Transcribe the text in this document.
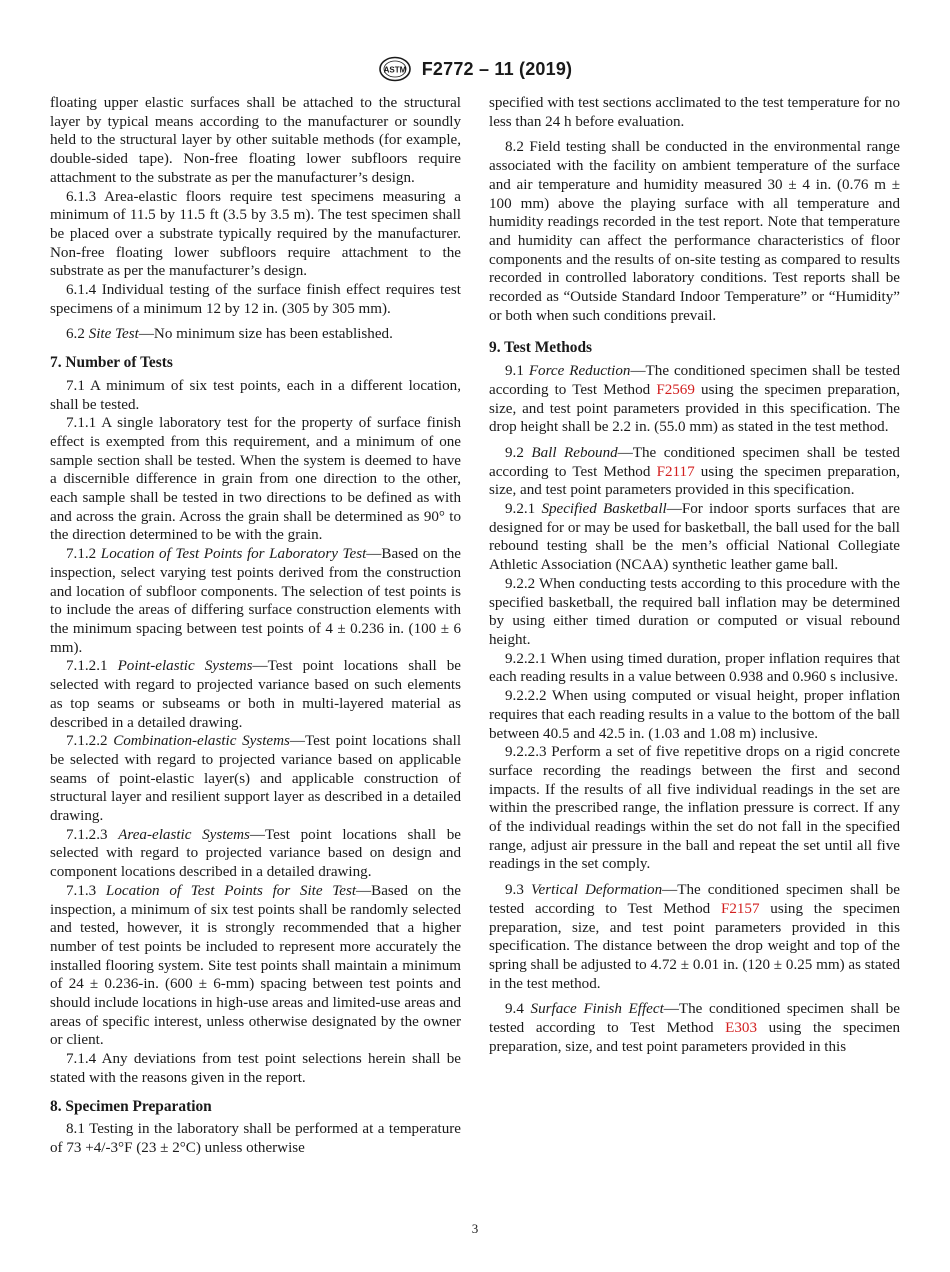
ASTM F2772 – 11 (2019)

floating upper elastic surfaces shall be attached to the structural layer by typical means according to the manufacturer or soundly held to the structural layer by other suitable methods (for example, double-sided tape). Non-free floating lower subfloors require attachment to the substrate as per the manufacturer’s design.

6.1.3 Area-elastic floors require test specimens measuring a minimum of 11.5 by 11.5 ft (3.5 by 3.5 m). The test specimen shall be placed over a substrate typically required by the manufacturer. Non-free floating lower subfloors require attachment to the substrate as per the manufacturer’s design.

6.1.4 Individual testing of the surface finish effect requires test specimens of a minimum 12 by 12 in. (305 by 305 mm).

6.2 Site Test—No minimum size has been established.

7. Number of Tests

7.1 A minimum of six test points, each in a different location, shall be tested.

7.1.1 A single laboratory test for the property of surface finish effect is exempted from this requirement, and a minimum of one sample section shall be tested. When the system is deemed to have a discernible difference in grain from one direction to the other, each sample shall be tested in two directions to be defined as with and across the grain. Across the grain shall be determined as 90° to the direction determined to be with the grain.

7.1.2 Location of Test Points for Laboratory Test—Based on the inspection, select varying test points derived from the construction and location of subfloor components. The selection of test points is to include the areas of differing surface construction elements with the minimum spacing between test points of 4 ± 0.236 in. (100 ± 6 mm).

7.1.2.1 Point-elastic Systems—Test point locations shall be selected with regard to projected variance based on such elements as top seams or subseams or both in multi-layered material as described in a detailed drawing.

7.1.2.2 Combination-elastic Systems—Test point locations shall be selected with regard to projected variance based on applicable seams of point-elastic layer(s) and applicable construction of structural layer and resilient support layer as described in a detailed drawing.

7.1.2.3 Area-elastic Systems—Test point locations shall be selected with regard to projected variance based on design and component locations described in a detailed drawing.

7.1.3 Location of Test Points for Site Test—Based on the inspection, a minimum of six test points shall be randomly selected and tested, however, it is strongly recommended that a higher number of test points be included to represent more accurately the installed flooring system. Site test points shall maintain a minimum of 24 ± 0.236-in. (600 ± 6-mm) spacing between test points and should include locations in high-use areas and limited-use areas and areas of specific interest, unless otherwise designated by the owner or client.

7.1.4 Any deviations from test point selections herein shall be stated with the reasons given in the report.

8. Specimen Preparation

8.1 Testing in the laboratory shall be performed at a temperature of 73 +4/-3°F (23 ± 2°C) unless otherwise

specified with test sections acclimated to the test temperature for no less than 24 h before evaluation.

8.2 Field testing shall be conducted in the environmental range associated with the facility on ambient temperature of the surface and air temperature and humidity measured 30 ± 4 in. (0.76 m ± 100 mm) above the playing surface with all temperature and humidity readings recorded in the test report. Note that temperature and humidity can affect the performance characteristics of floor components and the results of on-site testing as compared to results recorded in controlled laboratory conditions. Test reports shall be recorded as “Outside Standard Indoor Temperature” or “Humidity” or both when such conditions prevail.

9. Test Methods

9.1 Force Reduction—The conditioned specimen shall be tested according to Test Method F2569 using the specimen preparation, size, and test point parameters provided in this specification. The drop height shall be 2.2 in. (55.0 mm) as stated in the test method.

9.2 Ball Rebound—The conditioned specimen shall be tested according to Test Method F2117 using the specimen preparation, size, and test point parameters provided in this specification.

9.2.1 Specified Basketball—For indoor sports surfaces that are designed for or may be used for basketball, the ball used for the ball rebound testing shall be the men’s official National Collegiate Athletic Association (NCAA) synthetic leather game ball.

9.2.2 When conducting tests according to this procedure with the specified basketball, the required ball inflation may be determined by using either timed duration or computed or visual rebound height.

9.2.2.1 When using timed duration, proper inflation requires that each reading results in a value between 0.938 and 0.960 s inclusive.

9.2.2.2 When using computed or visual height, proper inflation requires that each reading results in a value to the bottom of the ball between 40.5 and 42.5 in. (1.03 and 1.08 m) inclusive.

9.2.2.3 Perform a set of five repetitive drops on a rigid concrete surface recording the readings between the first and second impacts. If the results of all five individual readings in the set are within the prescribed range, the inflation pressure is correct. If any of the individual readings within the set do not fall in the specified range, adjust air pressure in the ball and repeat the set until all five readings in the set comply.

9.3 Vertical Deformation—The conditioned specimen shall be tested according to Test Method F2157 using the specimen preparation, size, and test point parameters provided in this specification. The distance between the drop weight and top of the spring shall be adjusted to 4.72 ± 0.01 in. (120 ± 0.25 mm) as stated in the test method.

9.4 Surface Finish Effect—The conditioned specimen shall be tested according to Test Method E303 using the specimen preparation, size, and test point parameters provided in this

3
